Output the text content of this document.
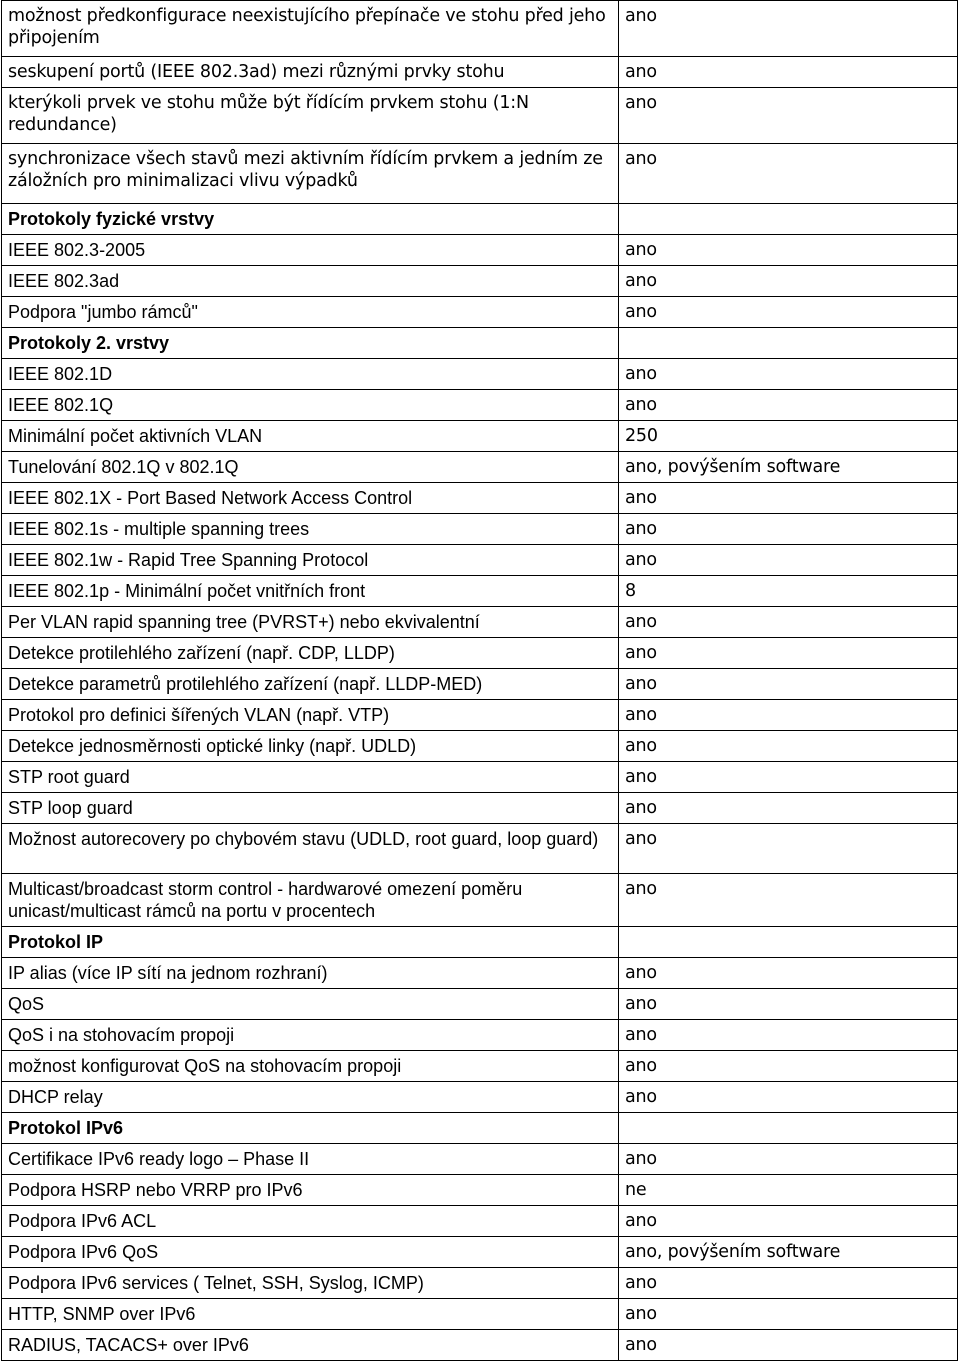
možnost předkonfigurace neexistujícího přepínače ve stohu před jeho připojením	ano
seskupení portů (IEEE 802.3ad) mezi různými prvky stohu	ano
kterýkoli prvek ve stohu může být řídícím prvkem stohu (1:N redundance)	ano
synchronizace všech stavů mezi aktivním řídícím prvkem a jedním ze záložních pro minimalizaci vlivu výpadků	ano
Protokoly fyzické vrstvy	
IEEE 802.3-2005	ano
IEEE 802.3ad	ano
Podpora "jumbo rámců"	ano
Protokoly 2. vrstvy	
IEEE 802.1D	ano
IEEE 802.1Q	ano
Minimální počet aktivních VLAN	250
Tunelování 802.1Q v 802.1Q	ano, povýšením software
IEEE 802.1X - Port Based Network Access Control	ano
IEEE 802.1s - multiple spanning trees	ano
IEEE 802.1w - Rapid Tree Spanning Protocol	ano
IEEE 802.1p - Minimální počet vnitřních front	8
Per VLAN rapid spanning tree (PVRST+) nebo ekvivalentní	ano
Detekce protilehlého zařízení (např. CDP, LLDP)	ano
Detekce parametrů protilehlého zařízení (např. LLDP-MED)	ano
Protokol pro definici šířených VLAN (např. VTP)	ano
Detekce jednosměrnosti optické linky (např. UDLD)	ano
STP root guard	ano
STP loop guard	ano
Možnost autorecovery po chybovém stavu (UDLD, root guard, loop guard)	ano
Multicast/broadcast storm control - hardwarové omezení poměru unicast/multicast rámců na portu v procentech	ano
Protokol IP	
IP alias (více IP sítí na jednom rozhraní)	ano
QoS	ano
QoS i na stohovacím propoji	ano
možnost konfigurovat QoS na stohovacím propoji	ano
DHCP relay	ano
Protokol IPv6	
Certifikace IPv6 ready logo – Phase II	ano
Podpora HSRP nebo VRRP pro IPv6	ne
Podpora IPv6 ACL	ano
Podpora IPv6 QoS	ano, povýšením software
Podpora IPv6 services ( Telnet, SSH, Syslog, ICMP)	ano
HTTP, SNMP over IPv6	ano
RADIUS, TACACS+ over IPv6	ano
